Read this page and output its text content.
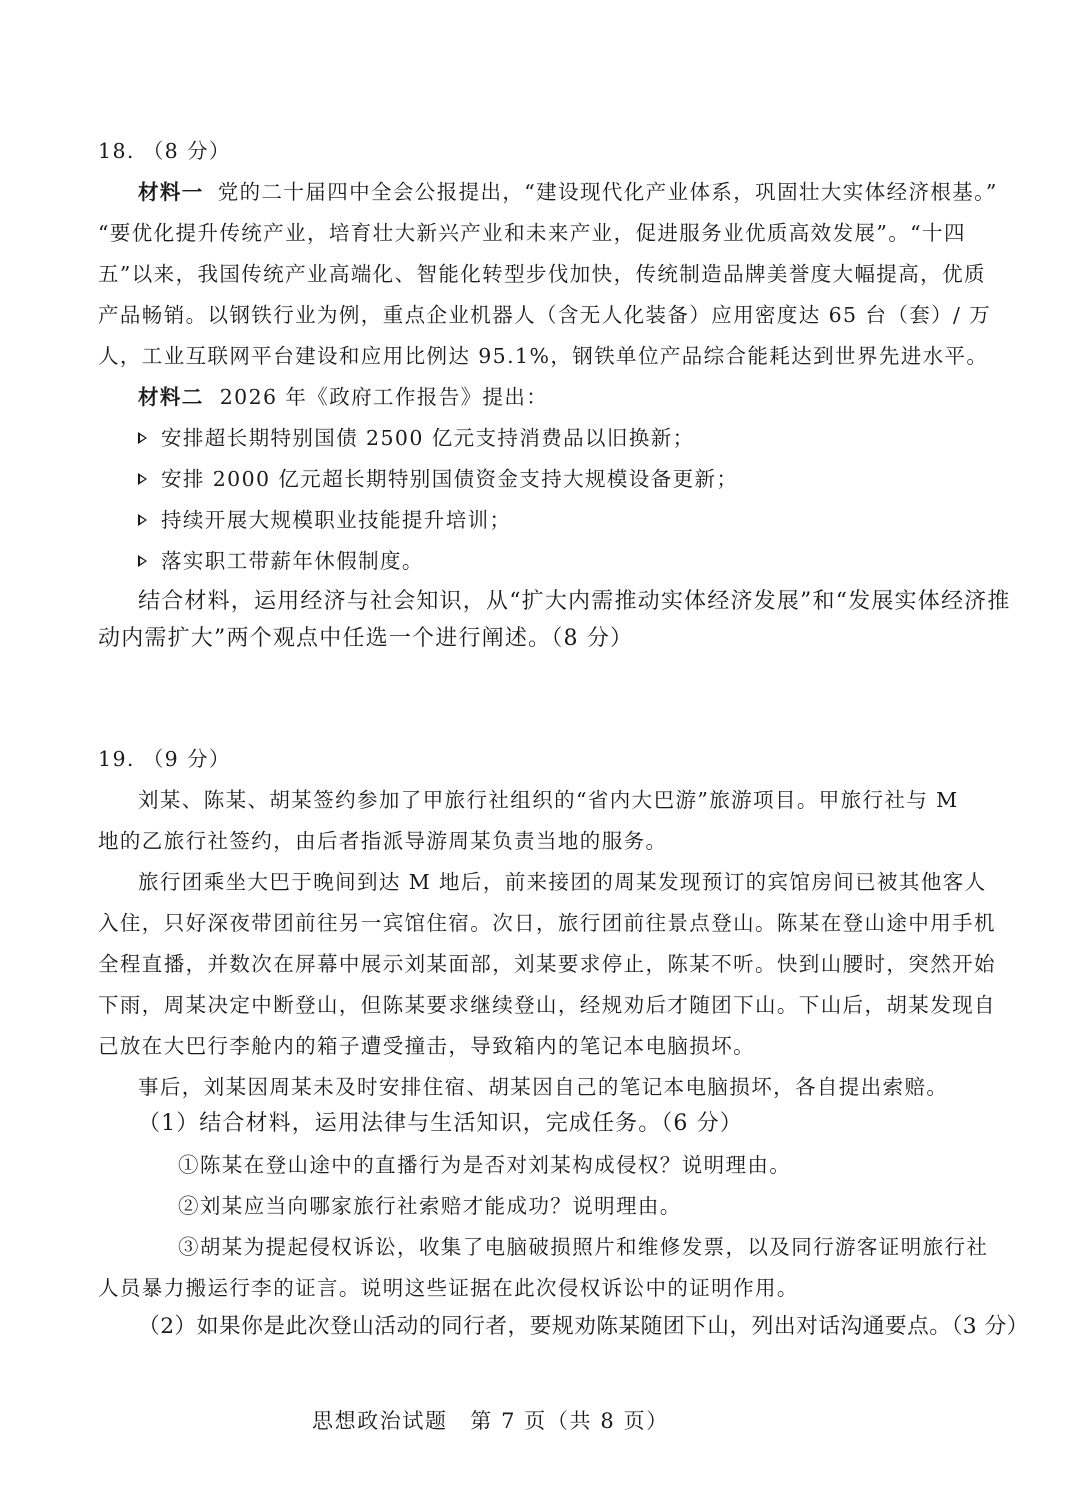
18. （8 分）
材料一 党的二十届四中全会公报提出，“建设现代化产业体系，巩固壮大实体经济根基。”
“要优化提升传统产业，培育壮大新兴产业和未来产业，促进服务业优质高效发展”。“十四
五”以来，我国传统产业高端化、智能化转型步伐加快，传统制造品牌美誉度大幅提高，优质
产品畅销。以钢铁行业为例，重点企业机器人（含无人化装备）应用密度达 65 台（套）/ 万
人，工业互联网平台建设和应用比例达 95.1%，钢铁单位产品综合能耗达到世界先进水平。
材料二 2026 年《政府工作报告》提出：
安排超长期特别国债 2500 亿元支持消费品以旧换新；
安排 2000 亿元超长期特别国债资金支持大规模设备更新；
持续开展大规模职业技能提升培训；
落实职工带薪年休假制度。
结合材料，运用经济与社会知识，从“扩大内需推动实体经济发展”和“发展实体经济推
动内需扩大”两个观点中任选一个进行阐述。（8 分）
19. （9 分）
刘某、陈某、胡某签约参加了甲旅行社组织的“省内大巴游”旅游项目。甲旅行社与 M
地的乙旅行社签约，由后者指派导游周某负责当地的服务。
旅行团乘坐大巴于晚间到达 M 地后，前来接团的周某发现预订的宾馆房间已被其他客人
入住，只好深夜带团前往另一宾馆住宿。次日，旅行团前往景点登山。陈某在登山途中用手机
全程直播，并数次在屏幕中展示刘某面部，刘某要求停止，陈某不听。快到山腰时，突然开始
下雨，周某决定中断登山，但陈某要求继续登山，经规劝后才随团下山。下山后，胡某发现自
己放在大巴行李舱内的箱子遭受撞击，导致箱内的笔记本电脑损坏。
事后，刘某因周某未及时安排住宿、胡某因自己的笔记本电脑损坏，各自提出索赔。
（1）结合材料，运用法律与生活知识，完成任务。（6 分）
①陈某在登山途中的直播行为是否对刘某构成侵权？说明理由。
②刘某应当向哪家旅行社索赔才能成功？说明理由。
③胡某为提起侵权诉讼，收集了电脑破损照片和维修发票，以及同行游客证明旅行社
人员暴力搬运行李的证言。说明这些证据在此次侵权诉讼中的证明作用。
（2）如果你是此次登山活动的同行者，要规劝陈某随团下山，列出对话沟通要点。（3 分）
思想政治试题　第 7 页（共 8 页）
